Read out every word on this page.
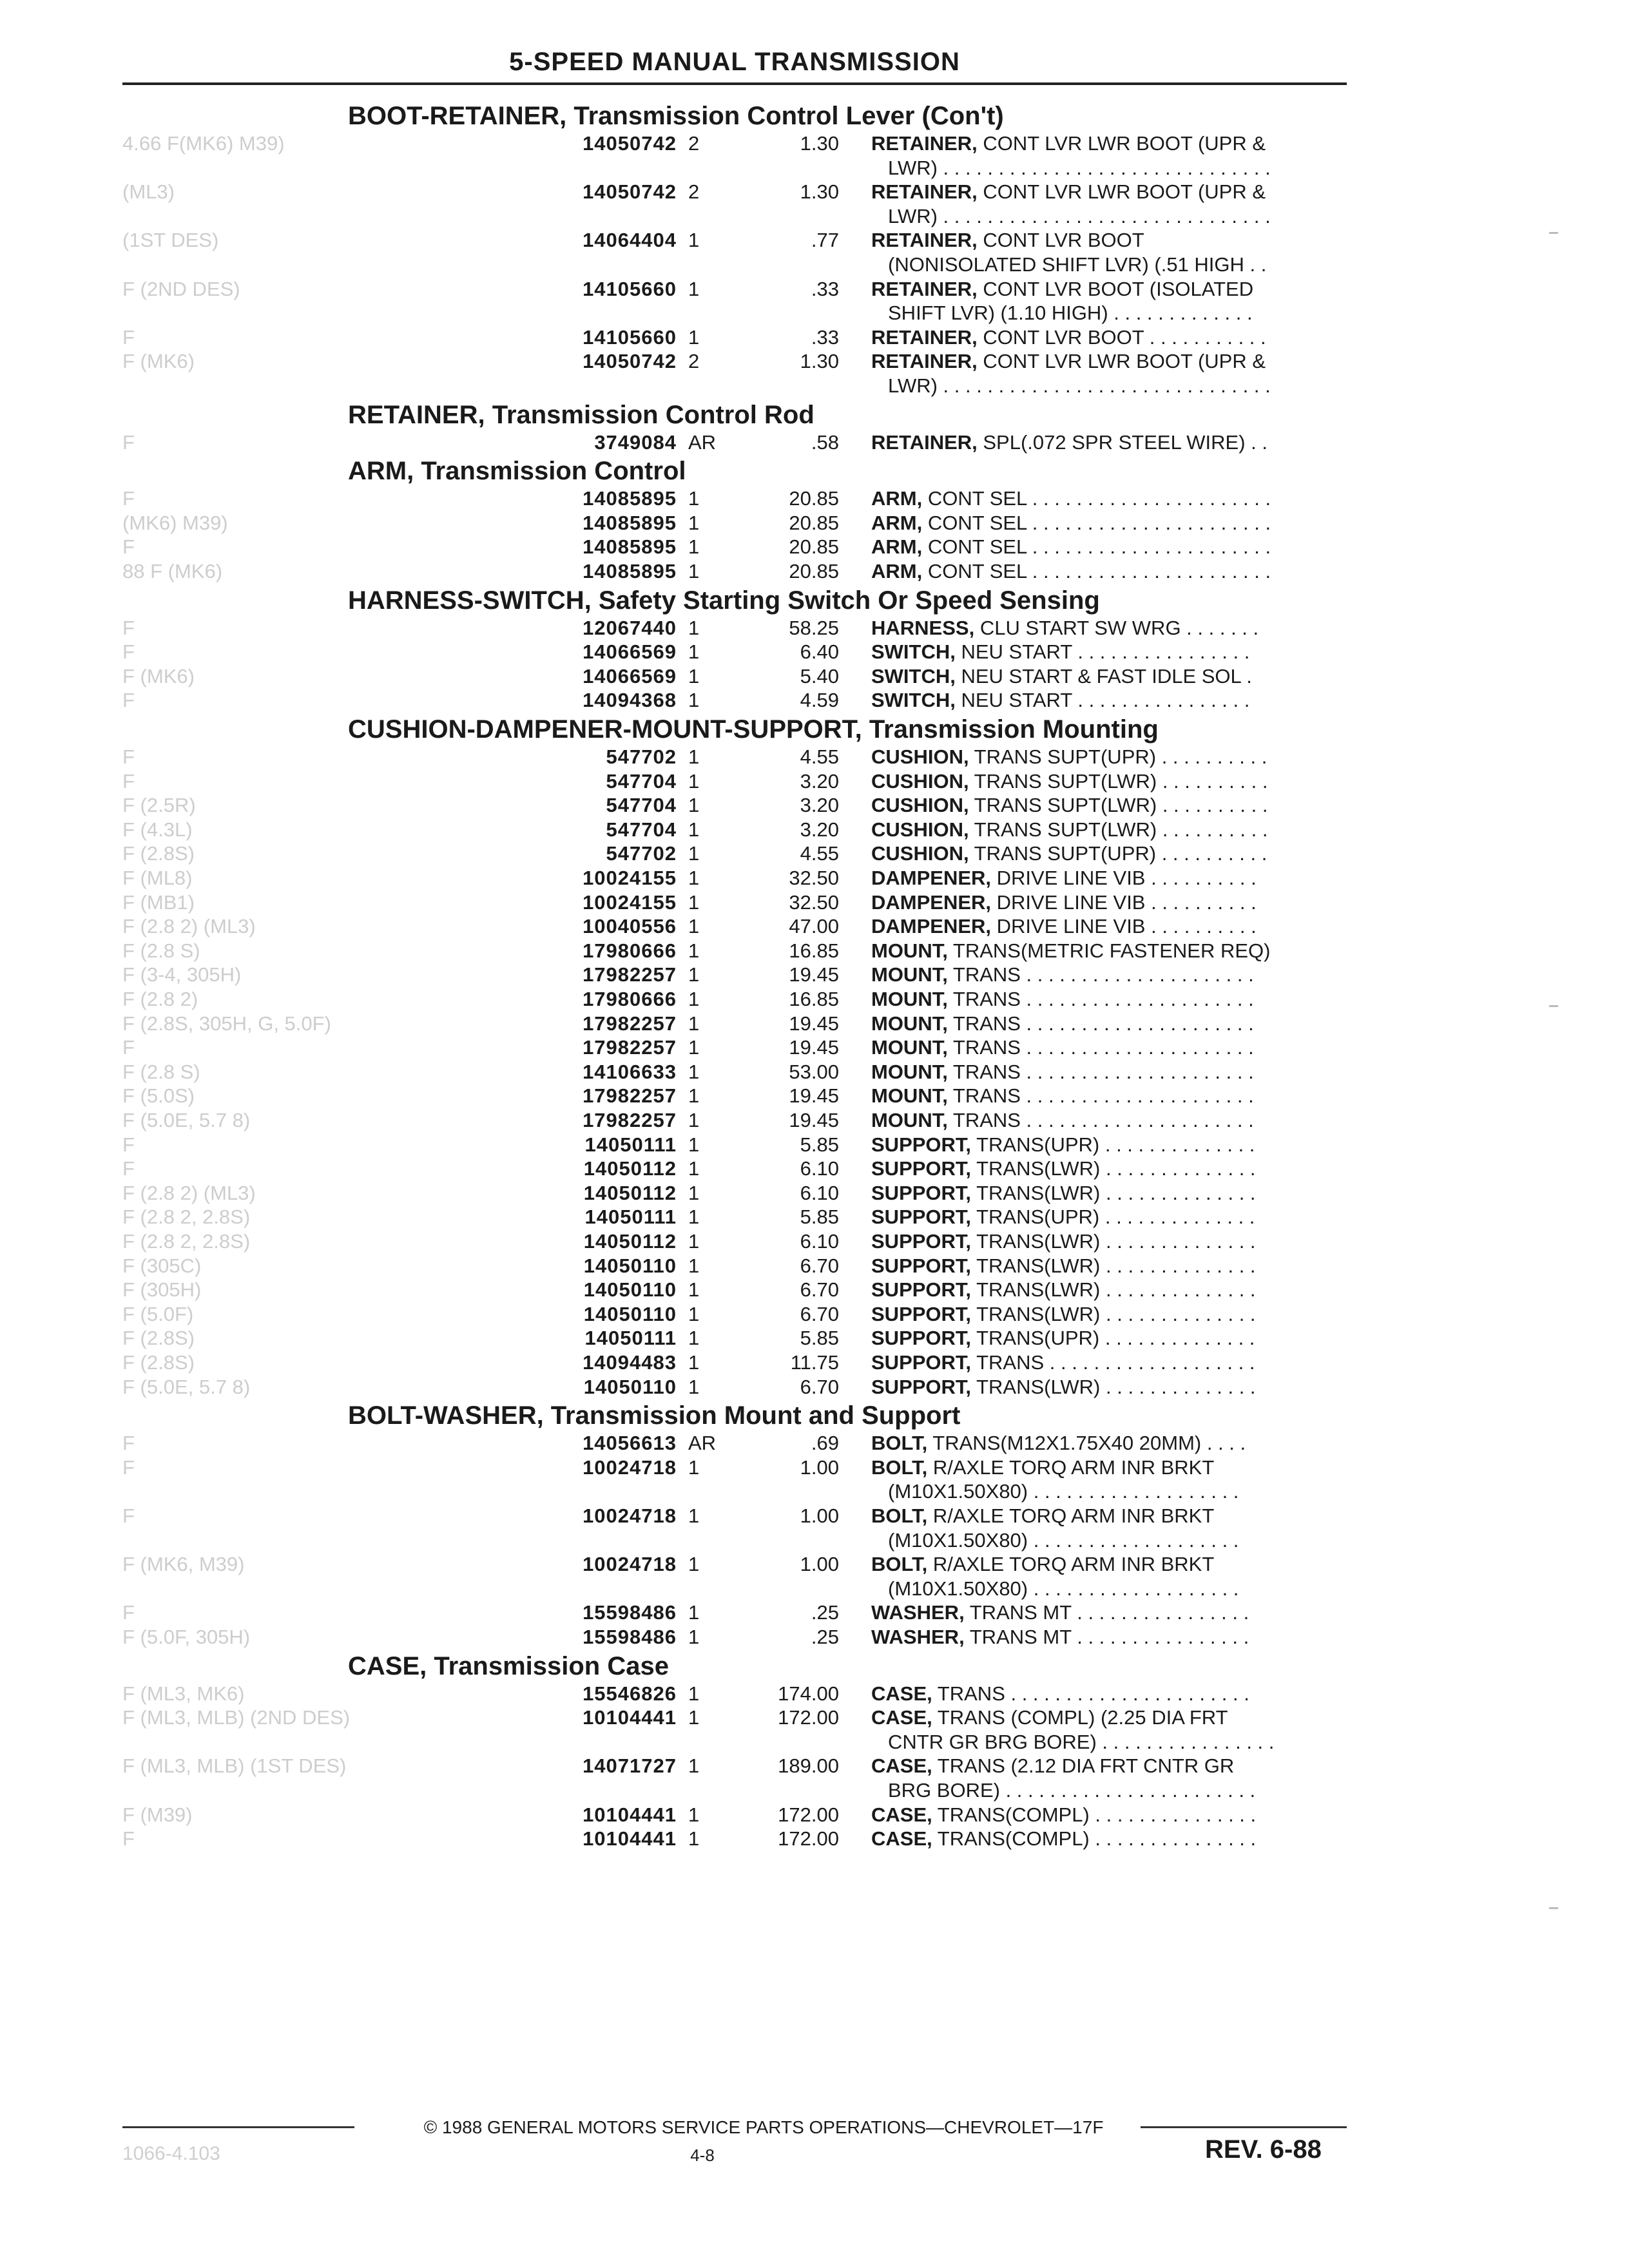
5-SPEED MANUAL TRANSMISSION
BOOT-RETAINER, Transmission Control Lever (Con't)
4.66 F(MK6) M39)	14050742 2	1.30 RETAINER, CONT LVR LWR BOOT (UPR &
LWR) . . . . . . . . . . . . . . . . . . . . . . . . . . . . . .
(ML3)	14050742 2	1.30 RETAINER, CONT LVR LWR BOOT (UPR &
LWR) . . . . . . . . . . . . . . . . . . . . . . . . . . . . . .
(1ST DES)	14064404 1	.77 RETAINER, CONT LVR BOOT
(NONISOLATED SHIFT LVR) (.51 HIGH . .
F (2ND DES)	14105660 1	.33 RETAINER, CONT LVR BOOT (ISOLATED
SHIFT LVR) (1.10 HIGH) . . . . . . . . . . . . .
F	14105660 1	.33 RETAINER, CONT LVR BOOT . . . . . . . . . . .
F (MK6)	14050742 2	1.30 RETAINER, CONT LVR LWR BOOT (UPR &
LWR) . . . . . . . . . . . . . . . . . . . . . . . . . . . . . .
RETAINER, Transmission Control Rod
F	3749084 AR	.58 RETAINER, SPL(.072 SPR STEEL WIRE) . .
ARM, Transmission Control
F	14085895 1	20.85 ARM, CONT SEL . . . . . . . . . . . . . . . . . . . . . .
(MK6) M39)	14085895 1	20.85 ARM, CONT SEL . . . . . . . . . . . . . . . . . . . . . .
F	14085895 1	20.85 ARM, CONT SEL . . . . . . . . . . . . . . . . . . . . . .
88 F (MK6)	14085895 1	20.85 ARM, CONT SEL . . . . . . . . . . . . . . . . . . . . . .
HARNESS-SWITCH, Safety Starting Switch Or Speed Sensing
F	12067440 1	58.25 HARNESS, CLU START SW WRG . . . . . . .
F	14066569 1	6.40 SWITCH, NEU START . . . . . . . . . . . . . . . .
F (MK6)	14066569 1	5.40 SWITCH, NEU START & FAST IDLE SOL .
F	14094368 1	4.59 SWITCH, NEU START . . . . . . . . . . . . . . . .
CUSHION-DAMPENER-MOUNT-SUPPORT, Transmission Mounting
F	547702 1	4.55 CUSHION, TRANS SUPT(UPR) . . . . . . . . . .
F	547704 1	3.20 CUSHION, TRANS SUPT(LWR) . . . . . . . . . .
F (2.5R)	547704 1	3.20 CUSHION, TRANS SUPT(LWR) . . . . . . . . . .
F (4.3L)	547704 1	3.20 CUSHION, TRANS SUPT(LWR) . . . . . . . . . .
F (2.8S)	547702 1	4.55 CUSHION, TRANS SUPT(UPR) . . . . . . . . . .
F (ML8)	10024155 1	32.50 DAMPENER, DRIVE LINE VIB . . . . . . . . . .
F (MB1)	10024155 1	32.50 DAMPENER, DRIVE LINE VIB . . . . . . . . . .
F (2.8 2) (ML3)	10040556 1	47.00 DAMPENER, DRIVE LINE VIB . . . . . . . . . .
F (2.8 S)	17980666 1	16.85 MOUNT, TRANS(METRIC FASTENER REQ)
F (3-4, 305H)	17982257 1	19.45 MOUNT, TRANS . . . . . . . . . . . . . . . . . . . . .
F (2.8 2)	17980666 1	16.85 MOUNT, TRANS . . . . . . . . . . . . . . . . . . . . .
F (2.8S, 305H, G, 5.0F)	17982257 1	19.45 MOUNT, TRANS . . . . . . . . . . . . . . . . . . . . .
F	17982257 1	19.45 MOUNT, TRANS . . . . . . . . . . . . . . . . . . . . .
F (2.8 S)	14106633 1	53.00 MOUNT, TRANS . . . . . . . . . . . . . . . . . . . . .
F (5.0S)	17982257 1	19.45 MOUNT, TRANS . . . . . . . . . . . . . . . . . . . . .
F (5.0E, 5.7 8)	17982257 1	19.45 MOUNT, TRANS . . . . . . . . . . . . . . . . . . . . .
F	14050111 1	5.85 SUPPORT, TRANS(UPR) . . . . . . . . . . . . . .
F	14050112 1	6.10 SUPPORT, TRANS(LWR) . . . . . . . . . . . . . .
F (2.8 2) (ML3)	14050112 1	6.10 SUPPORT, TRANS(LWR) . . . . . . . . . . . . . .
F (2.8 2, 2.8S)	14050111 1	5.85 SUPPORT, TRANS(UPR) . . . . . . . . . . . . . .
F (2.8 2, 2.8S)	14050112 1	6.10 SUPPORT, TRANS(LWR) . . . . . . . . . . . . . .
F (305C)	14050110 1	6.70 SUPPORT, TRANS(LWR) . . . . . . . . . . . . . .
F (305H)	14050110 1	6.70 SUPPORT, TRANS(LWR) . . . . . . . . . . . . . .
F (5.0F)	14050110 1	6.70 SUPPORT, TRANS(LWR) . . . . . . . . . . . . . .
F (2.8S)	14050111 1	5.85 SUPPORT, TRANS(UPR) . . . . . . . . . . . . . .
F (2.8S)	14094483 1	11.75 SUPPORT, TRANS . . . . . . . . . . . . . . . . . . .
F (5.0E, 5.7 8)	14050110 1	6.70 SUPPORT, TRANS(LWR) . . . . . . . . . . . . . .
BOLT-WASHER, Transmission Mount and Support
F	14056613 AR	.69 BOLT, TRANS(M12X1.75X40 20MM) . . . .
F	10024718 1	1.00 BOLT, R/AXLE TORQ ARM INR BRKT
(M10X1.50X80) . . . . . . . . . . . . . . . . . . .
F	10024718 1	1.00 BOLT, R/AXLE TORQ ARM INR BRKT
(M10X1.50X80) . . . . . . . . . . . . . . . . . . .
F (MK6, M39)	10024718 1	1.00 BOLT, R/AXLE TORQ ARM INR BRKT
(M10X1.50X80) . . . . . . . . . . . . . . . . . . .
F	15598486 1	.25 WASHER, TRANS MT . . . . . . . . . . . . . . . .
F (5.0F, 305H)	15598486 1	.25 WASHER, TRANS MT . . . . . . . . . . . . . . . .
CASE, Transmission Case
F (ML3, MK6)	15546826 1	174.00 CASE, TRANS . . . . . . . . . . . . . . . . . . . . . .
F (ML3, MLB) (2ND DES)	10104441 1	172.00 CASE, TRANS (COMPL) (2.25 DIA FRT
CNTR GR BRG BORE) . . . . . . . . . . . . . . . .
F (ML3, MLB) (1ST DES)	14071727 1	189.00 CASE, TRANS (2.12 DIA FRT CNTR GR
BRG BORE) . . . . . . . . . . . . . . . . . . . . . . .
F (M39)	10104441 1	172.00 CASE, TRANS(COMPL) . . . . . . . . . . . . . . .
F	10104441 1	172.00 CASE, TRANS(COMPL) . . . . . . . . . . . . . . .
© 1988 GENERAL MOTORS SERVICE PARTS OPERATIONS—CHEVROLET—17F
1066-4.103	4-8	REV. 6-88
